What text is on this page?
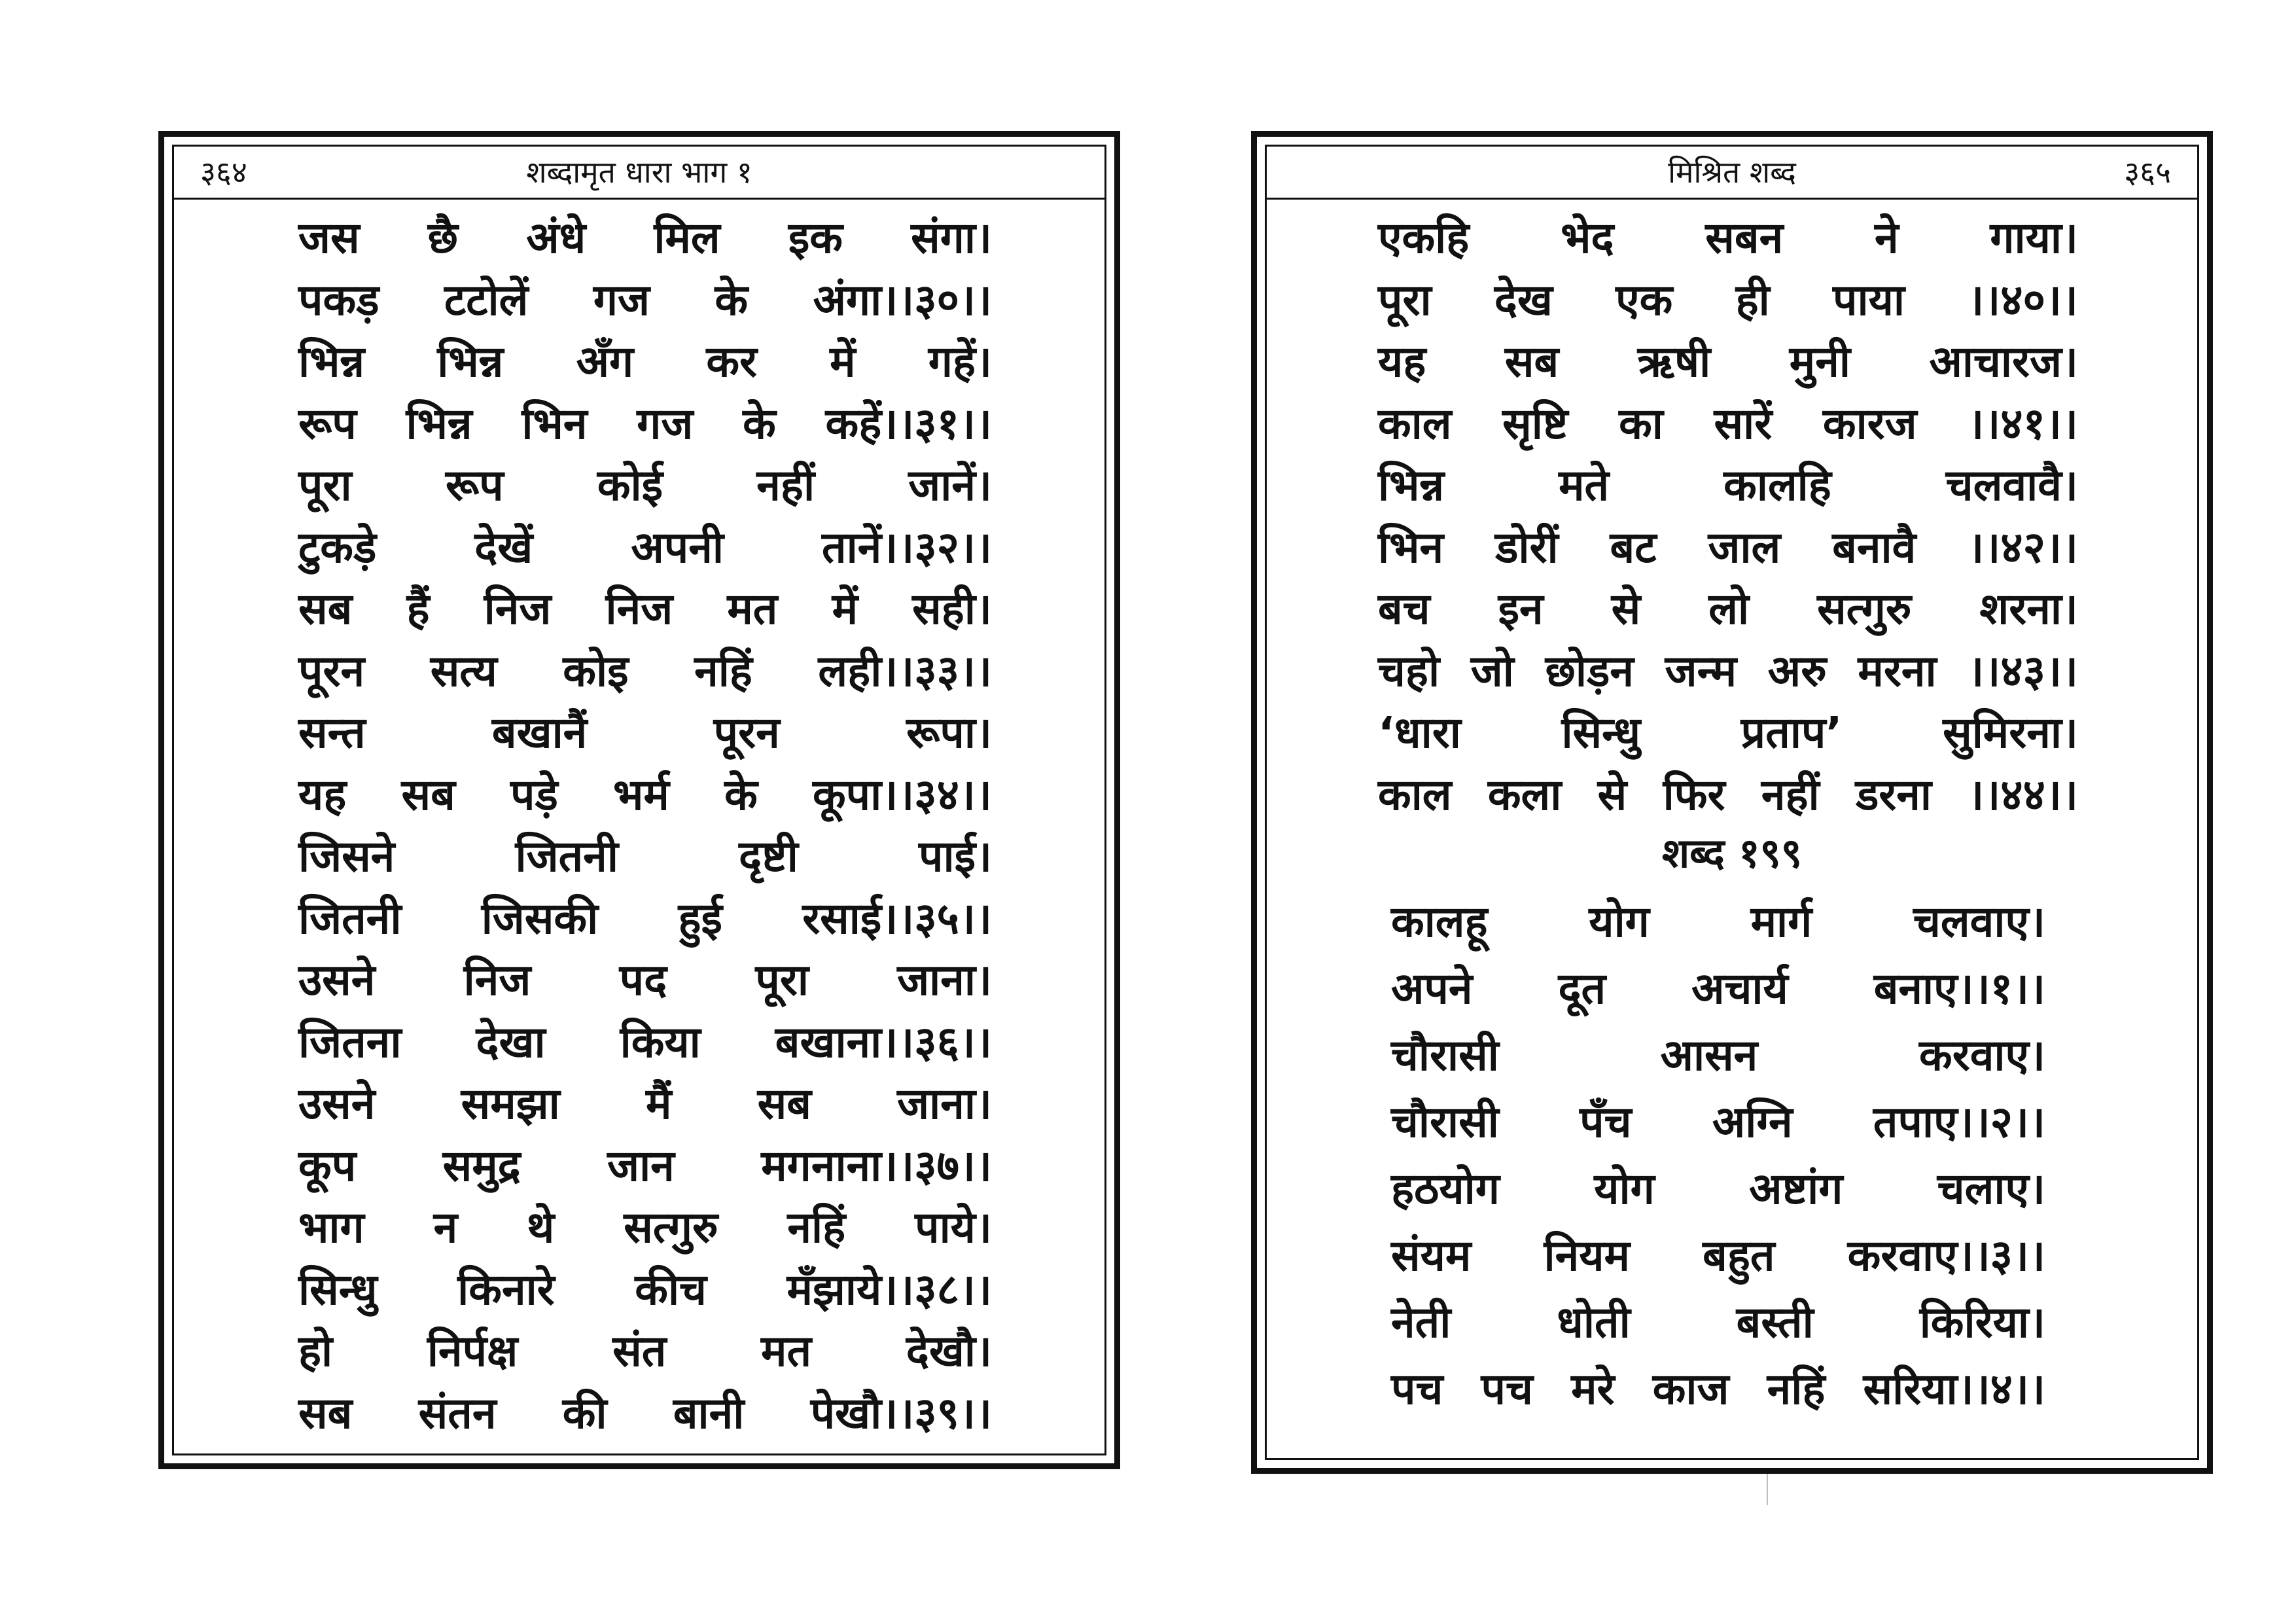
३६४	शब्दामृत धारा भाग १
जस छै अंधे मिल इक संगा।
पकड़ टटोलें गज के अंगा।।३०।।
भिन्न भिन्न अँग कर में गहें।
रूप भिन्न भिन गज के कहें।।३१।।
पूरा रूप कोई नहीं जानें।
टुकड़े देखें अपनी तानें।।३२।।
सब हैं निज निज मत में सही।
पूरन सत्य कोइ नहिं लही।।३३।।
सन्त	बखानैं	पूरन	रूपा।
यह सब पड़े भर्म के कूपा।।३४।।
जिसने	जितनी	दृष्टी	पाई।
जितनी जिसकी हुई रसाई।।३५।।
उसने निज पद पूरा जाना।
जितना देखा किया बखाना।।३६।।
उसने समझा मैं सब जाना।
कूप समुद्र जान मगनाना।।३७।।
भाग न थे सत्गुरु नहिं पाये।
सिन्धु किनारे कीच मँझाये।।३८।।
हो निर्पक्ष संत मत देखौ।
सब संतन की बानी पेखौ।।३९।।
मिश्रित शब्द	३६५
एकहि भेद सबन ने गाया।
पूरा देख एक ही पाया ।।४०।।
यह सब ऋषी मुनी आचारज।
काल सृष्टि का सारें कारज ।।४१।।
भिन्न	मते	कालहि	चलवावै।
भिन डोरीं बट जाल बनावै ।।४२।।
बच इन से लो सत्गुरु शरना।
चहो जो छोड़न जन्म अरु मरना ।।४३।।
‘धारा सिन्धु प्रताप’ सुमिरना।
काल कला से फिर नहीं डरना ।।४४।।
शब्द १९९
कालहू योग मार्ग चलवाए।
अपने दूत अचार्य बनाए।।१।।
चौरासी	आसन	करवाए।
चौरासी पँच अग्नि तपाए।।२।।
हठयोग योग अष्टांग चलाए।
संयम नियम बहुत करवाए।।३।।
नेती धोती बस्ती किरिया।
पच पच मरे काज नहिं सरिया।।४।।
